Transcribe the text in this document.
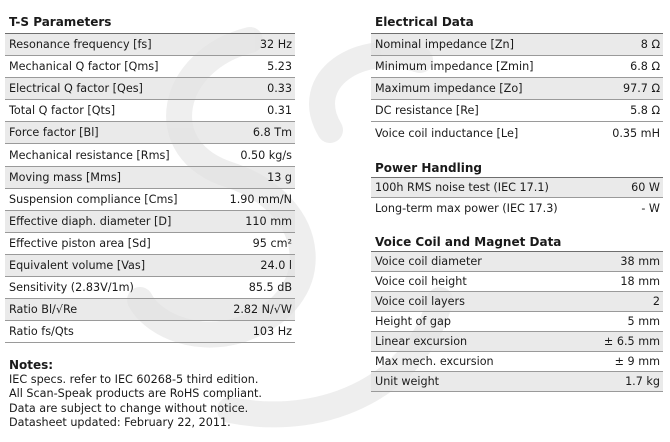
T-S Parameters
Resonance frequency [fs]	32 Hz
Mechanical Q factor [Qms]	5.23
Electrical Q factor [Qes]	0.33
Total Q factor [Qts]	0.31
Force factor [Bl]	6.8 Tm
Mechanical resistance [Rms]	0.50 kg/s
Moving mass [Mms]	13 g
Suspension compliance [Cms]	1.90 mm/N
Effective diaph. diameter [D]	110 mm
Effective piston area [Sd]	95 cm²
Equivalent volume [Vas]	24.0 l
Sensitivity (2.83V/1m)	85.5 dB
Ratio Bl/√Re	2.82 N/√W
Ratio fs/Qts	103 Hz
Notes:
IEC specs. refer to IEC 60268-5 third edition.
All Scan-Speak products are RoHS compliant.
Data are subject to change without notice.
Datasheet updated: February 22, 2011.
Electrical Data
Nominal impedance [Zn]	8 Ω
Minimum impedance [Zmin]	6.8 Ω
Maximum impedance [Zo]	97.7 Ω
DC resistance [Re]	5.8 Ω
Voice coil inductance [Le]	0.35 mH
Power Handling
100h RMS noise test (IEC 17.1)	60 W
Long-term max power (IEC 17.3)	- W
Voice Coil and Magnet Data
Voice coil diameter	38 mm
Voice coil height	18 mm
Voice coil layers	2
Height of gap	5 mm
Linear excursion	± 6.5 mm
Max mech. excursion	± 9 mm
Unit weight	1.7 kg
